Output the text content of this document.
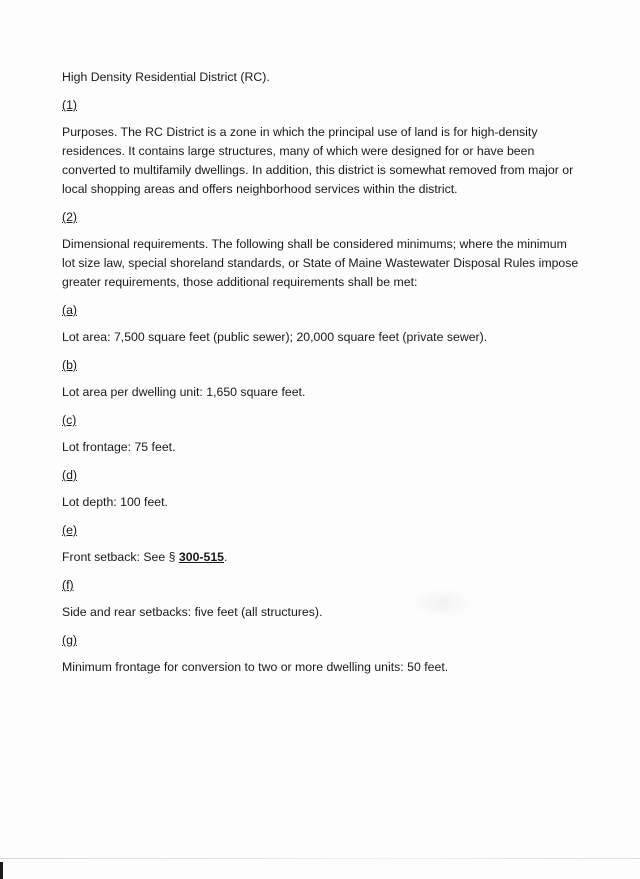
High Density Residential District (RC).

(1)

Purposes. The RC District is a zone in which the principal use of land is for high-density residences. It contains large structures, many of which were designed for or have been converted to multifamily dwellings. In addition, this district is somewhat removed from major or local shopping areas and offers neighborhood services within the district.

(2)

Dimensional requirements. The following shall be considered minimums; where the minimum lot size law, special shoreland standards, or State of Maine Wastewater Disposal Rules impose greater requirements, those additional requirements shall be met:

(a)

Lot area: 7,500 square feet (public sewer); 20,000 square feet (private sewer).

(b)

Lot area per dwelling unit: 1,650 square feet.

(c)

Lot frontage: 75 feet.

(d)

Lot depth: 100 feet.

(e)

Front setback: See § 300-515.

(f)

Side and rear setbacks: five feet (all structures).

(g)

Minimum frontage for conversion to two or more dwelling units: 50 feet.
